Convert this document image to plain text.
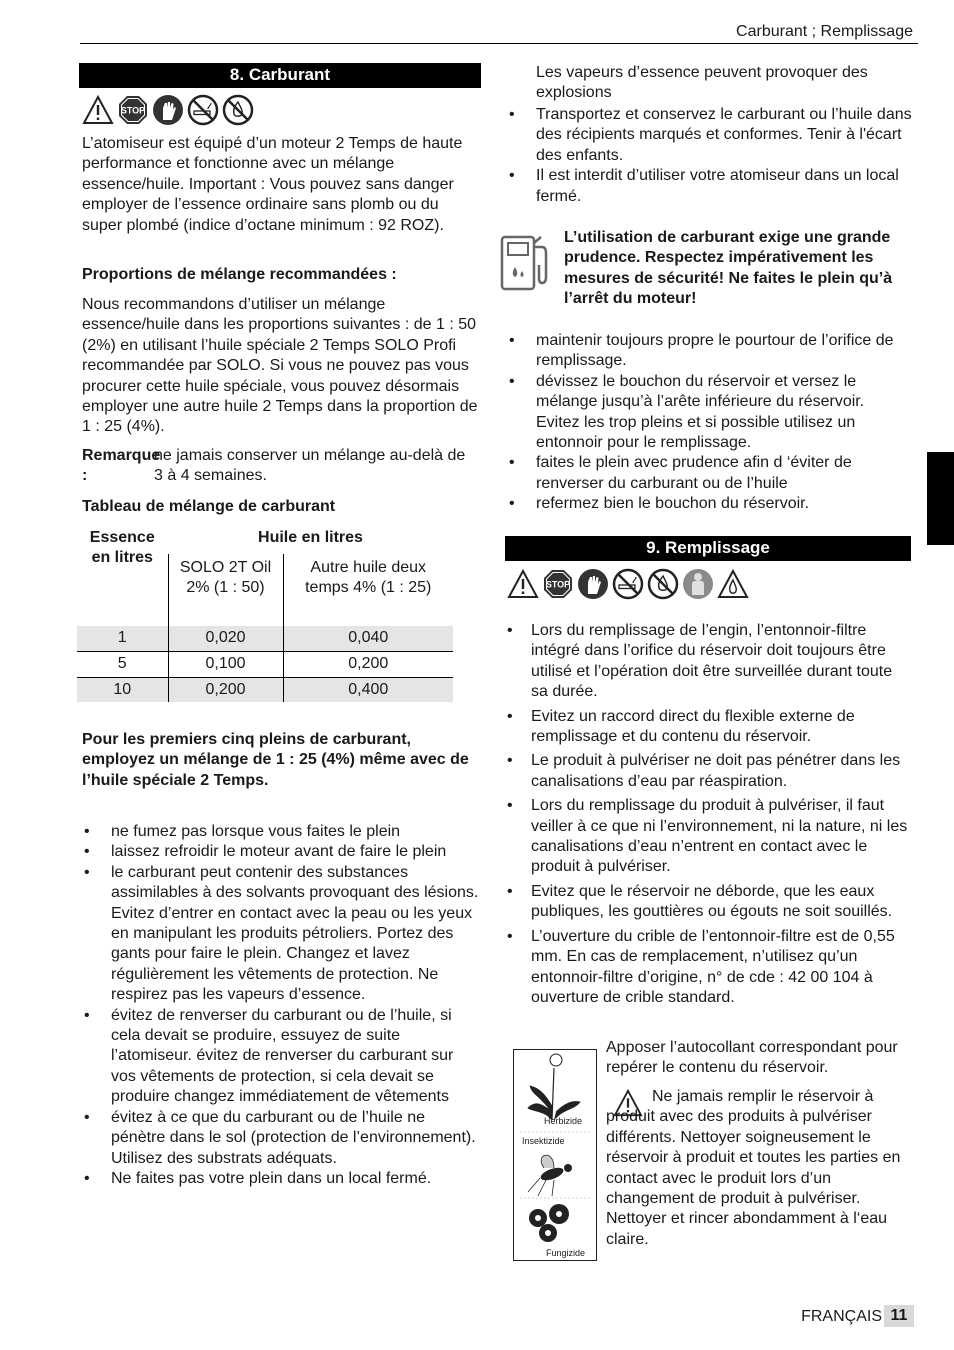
Carburant ; Remplissage
8. Carburant
STOP

L’atomiseur est équipé d’un moteur 2 Temps de haute performance et fonctionne avec un mélange essence/huile. Important : Vous pouvez sans danger employer de l’essence ordinaire sans plomb ou du super plombé (indice d’octane minimum : 92 ROZ).

Proportions de mélange recommandées :

Nous recommandons d’utiliser un mélange essence/huile dans les proportions suivantes : de 1 : 50 (2%) en utilisant l’huile spéciale 2 Temps SOLO Profi recommandée par SOLO. Si vous ne pouvez pas vous procurer cette huile spéciale, vous pouvez désormais employer une autre huile 2 Temps dans la proportion de 1 : 25 (4%).

Remarque :
ne jamais conserver un mélange au-delà de 3 à 4 semaines.

Tableau de mélange de carburant

Essence en litres	Huile en litres	

	SOLO 2T Oil 2% (1 : 50)	Autre huile deux temps 4% (1 : 25)

1	0,020	0,040
5	0,100	0,200
10	0,200	0,400

Pour les premiers cinq pleins de carburant, employez un mélange de 1 : 25 (4%) même avec de l’huile spéciale 2 Temps.

• ne fumez pas lorsque vous faites le plein
• laissez refroidir le moteur avant de faire le plein
• le carburant peut contenir des substances assimilables à des solvants provoquant des lésions. Evitez d’entrer en contact avec la peau ou les yeux en manipulant les produits pétroliers. Portez des gants pour faire le plein. Changez et lavez régulièrement les vêtements de protection. Ne respirez pas les vapeurs d’essence.
• évitez de renverser du carburant ou de l’huile, si cela devait se produire, essuyez de suite l’atomiseur. évitez de renverser du carburant sur vos vêtements de protection, si cela devait se produire changez immédiatement de vêtements
• évitez à ce que du carburant ou de l’huile ne pénètre dans le sol (protection de l’environnement). Utilisez des substrats adéquats.
• Ne faites pas votre plein dans un local fermé.

Les vapeurs d’essence peuvent provoquer des explosions

• Transportez et conservez le carburant ou l’huile dans des récipients marqués et conformes. Tenir à l'écart des enfants.
• Il est interdit d’utiliser votre atomiseur dans un local fermé.

L’utilisation de carburant exige une grande prudence. Respectez impérativement les mesures de sécurité! Ne faites le plein qu’à l’arrêt du moteur!

• maintenir toujours propre le pourtour de l’orifice de remplissage.
• dévissez le bouchon du réservoir et versez le mélange jusqu’à l’arête inférieure du réservoir. Evitez les trop pleins et si possible utilisez un entonnoir pour le remplissage.
• faites le plein avec prudence afin d ‘éviter de renverser du carburant ou de l’huile
• refermez bien le bouchon du réservoir.
9. Remplissage
STOP
• Lors du remplissage de l’engin, l’entonnoir-filtre intégré dans l’orifice du réservoir doit toujours être utilisé et l’opération doit être surveillée durant toute sa durée.
• Evitez un raccord direct du flexible externe de remplissage et du contenu du réservoir.
• Le produit à pulvériser ne doit pas pénétrer dans les canalisations d’eau par réaspiration.
• Lors du remplissage du produit à pulvériser, il faut veiller à ce que ni l’environnement, ni la nature, ni les canalisations d’eau n’entrent en contact avec le produit à pulvériser.
• Evitez que le réservoir ne déborde, que les eaux publiques, les gouttières ou égouts ne soit souillés.
• L’ouverture du crible de l’entonnoir-filtre est de 0,55 mm. En cas de remplacement, n’utilisez qu’un entonnoir-filtre d’origine, n° de cde : 42 00 104 à ouverture de crible standard.
Herbizide
Insektizide
Fungizide

Apposer l’autocollant correspondant pour repérer le contenu du réservoir.

Ne jamais remplir le réservoir à produit avec des produits à pulvériser différents. Nettoyer soigneusement le réservoir à produit et toutes les parties en contact avec le produit lors d’un changement de produit à pulvériser. Nettoyer et rincer abondamment à l‘eau claire.

FRANÇAIS 11
